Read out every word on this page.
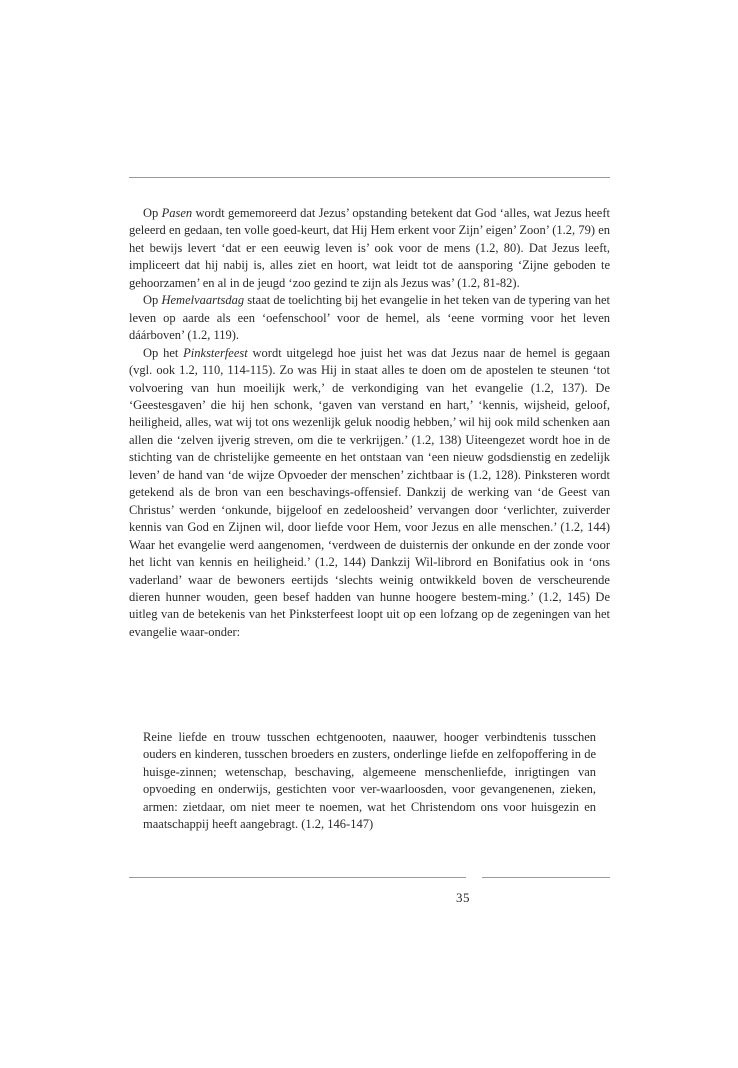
Op Pasen wordt gememoreerd dat Jezus’ opstanding betekent dat God ‘alles, wat Jezus heeft geleerd en gedaan, ten volle goed-keurt, dat Hij Hem erkent voor Zijn’ eigen’ Zoon’ (1.2, 79) en het bewijs levert ‘dat er een eeuwig leven is’ ook voor de mens (1.2, 80). Dat Jezus leeft, impliceert dat hij nabij is, alles ziet en hoort, wat leidt tot de aansporing ‘Zijne geboden te gehoorzamen’ en al in de jeugd ‘zoo gezind te zijn als Jezus was’ (1.2, 81-82).

Op Hemelvaartsdag staat de toelichting bij het evangelie in het teken van de typering van het leven op aarde als een ‘oefenschool’ voor de hemel, als ‘eene vorming voor het leven dáárboven’ (1.2, 119).

Op het Pinksterfeest wordt uitgelegd hoe juist het was dat Jezus naar de hemel is gegaan (vgl. ook 1.2, 110, 114-115). Zo was Hij in staat alles te doen om de apostelen te steunen ‘tot volvoering van hun moeilijk werk,’ de verkondiging van het evangelie (1.2, 137). De ‘Geestesgaven’ die hij hen schonk, ‘gaven van verstand en hart,’ ‘kennis, wijsheid, geloof, heiligheid, alles, wat wij tot ons wezenlijk geluk noodig hebben,’ wil hij ook mild schenken aan allen die ‘zelven ijverig streven, om die te verkrijgen.’ (1.2, 138) Uiteengezet wordt hoe in de stichting van de christelijke gemeente en het ontstaan van ‘een nieuw godsdienstig en zedelijk leven’ de hand van ‘de wijze Opvoeder der menschen’ zichtbaar is (1.2, 128). Pinksteren wordt getekend als de bron van een beschavings-offensief. Dankzij de werking van ‘de Geest van Christus’ werden ‘onkunde, bijgeloof en zedeloosheid’ vervangen door ‘verlichter, zuiverder kennis van God en Zijnen wil, door liefde voor Hem, voor Jezus en alle menschen.’ (1.2, 144) Waar het evangelie werd aangenomen, ‘verdween de duisternis der onkunde en der zonde voor het licht van kennis en heiligheid.’ (1.2, 144) Dankzij Wil-librord en Bonifatius ook in ‘ons vaderland’ waar de bewoners eertijds ‘slechts weinig ontwikkeld boven de verscheurende dieren hunner wouden, geen besef hadden van hunne hoogere bestem-ming.’ (1.2, 145) De uitleg van de betekenis van het Pinksterfeest loopt uit op een lofzang op de zegeningen van het evangelie waar-onder:

Reine liefde en trouw tusschen echtgenooten, naauwer, hooger verbindtenis tusschen ouders en kinderen, tusschen broeders en zusters, onderlinge liefde en zelfopoffering in de huisge-zinnen; wetenschap, beschaving, algemeene menschenliefde, inrigtingen van opvoeding en onderwijs, gestichten voor ver-waarloosden, voor gevangenenen, zieken, armen: zietdaar, om niet meer te noemen, wat het Christendom ons voor huisgezin en maatschappij heeft aangebragt. (1.2, 146-147)

35
